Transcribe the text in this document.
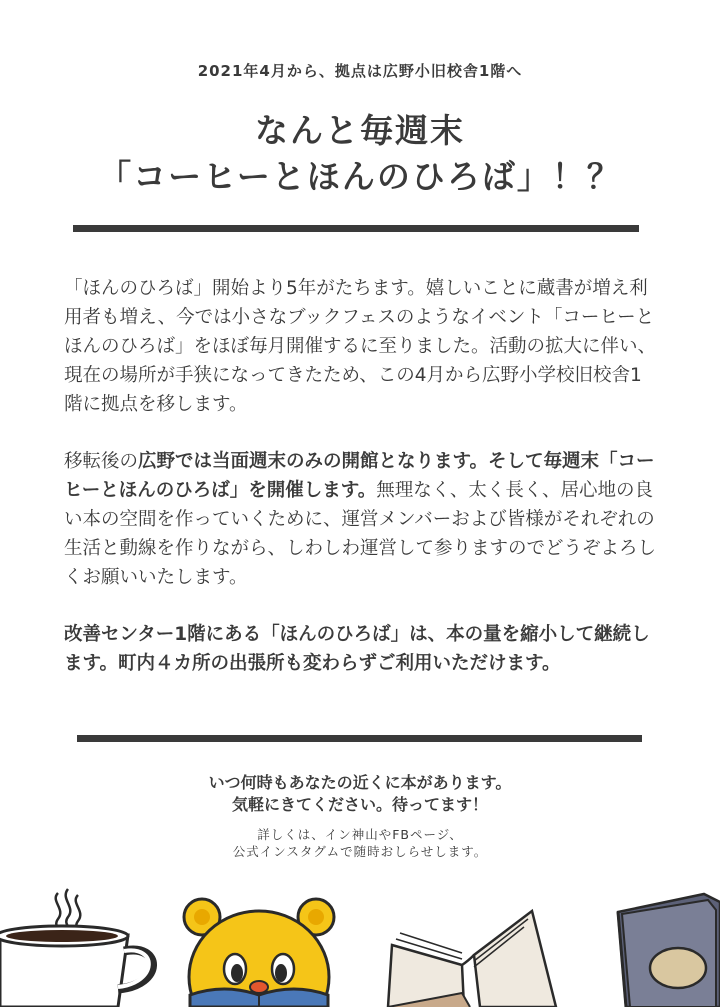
2021年4月から、拠点は広野小旧校舎1階へ
なんと毎週末
「コーヒーとほんのひろば」！？

「ほんのひろば」開始より5年がたちます。嬉しいことに蔵書が増え利用者も増え、今では小さなブックフェスのようなイベント「コーヒーとほんのひろば」をほぼ毎月開催するに至りました。活動の拡大に伴い、現在の場所が手狭になってきたため、この4月から広野小学校旧校舎1階に拠点を移します。

移転後の広野では当面週末のみの開館となります。そして毎週末「コーヒーとほんのひろば」を開催します。無理なく、太く長く、居心地の良い本の空間を作っていくために、運営メンバーおよび皆様がそれぞれの生活と動線を作りながら、しわしわ運営して参りますのでどうぞよろしくお願いいたします。

改善センター1階にある「ほんのひろば」は、本の量を縮小して継続します。町内４カ所の出張所も変わらずご利用いただけます。

いつ何時もあなたの近くに本があります。
気軽にきてください。待ってます！
詳しくは、イン神山やFBページ、
公式インスタグムで随時おしらせします。
